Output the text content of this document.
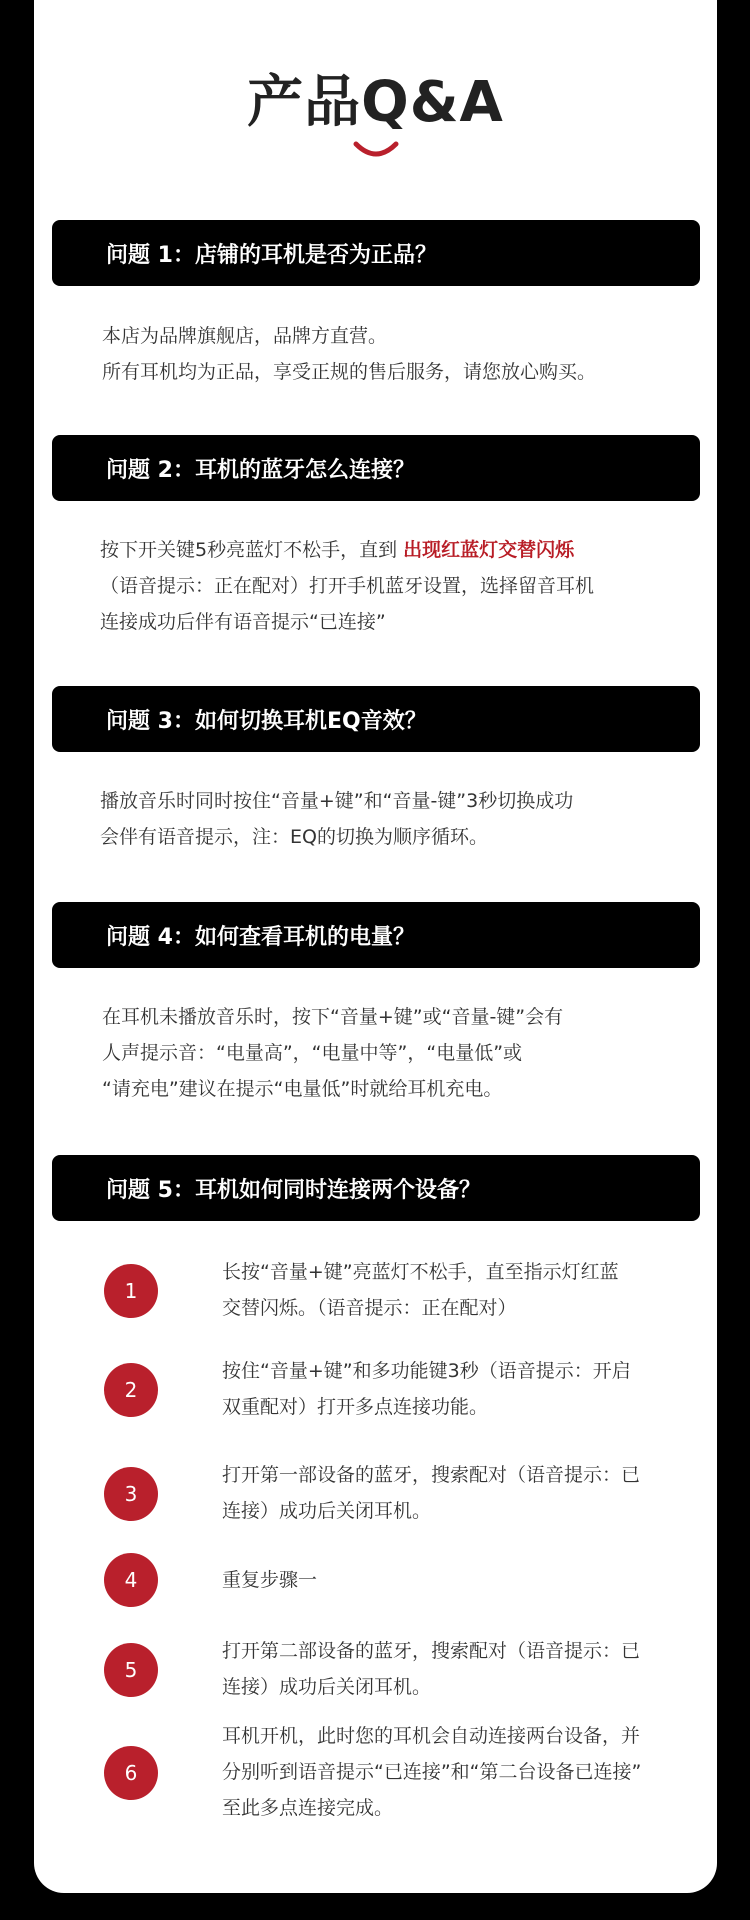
产品Q&A
问题 1：店铺的耳机是否为正品？

本店为品牌旗舰店，品牌方直营。

所有耳机均为正品，享受正规的售后服务，请您放心购买。

问题 2：耳机的蓝牙怎么连接？

按下开关键5秒亮蓝灯不松手，直到 出现红蓝灯交替闪烁

（语音提示：正在配对）打开手机蓝牙设置，选择留音耳机

连接成功后伴有语音提示“已连接”

问题 3：如何切换耳机EQ音效？

播放音乐时同时按住“音量+键”和“音量-键”3秒切换成功

会伴有语音提示，注：EQ的切换为顺序循环。

问题 4：如何查看耳机的电量？

在耳机未播放音乐时，按下“音量+键”或“音量-键”会有

人声提示音：“电量高”，“电量中等”，“电量低”或

“请充电”建议在提示“电量低”时就给耳机充电。

问题 5：耳机如何同时连接两个设备？
1

长按“音量+键”亮蓝灯不松手，直至指示灯红蓝

交替闪烁。（语音提示：正在配对）

2

按住“音量+键”和多功能键3秒（语音提示：开启

双重配对）打开多点连接功能。

3

打开第一部设备的蓝牙，搜索配对（语音提示：已

连接）成功后关闭耳机。

4	重复步骤一

5

打开第二部设备的蓝牙，搜索配对（语音提示：已

连接）成功后关闭耳机。

6

耳机开机，此时您的耳机会自动连接两台设备，并

分别听到语音提示“已连接”和“第二台设备已连接”

至此多点连接完成。
